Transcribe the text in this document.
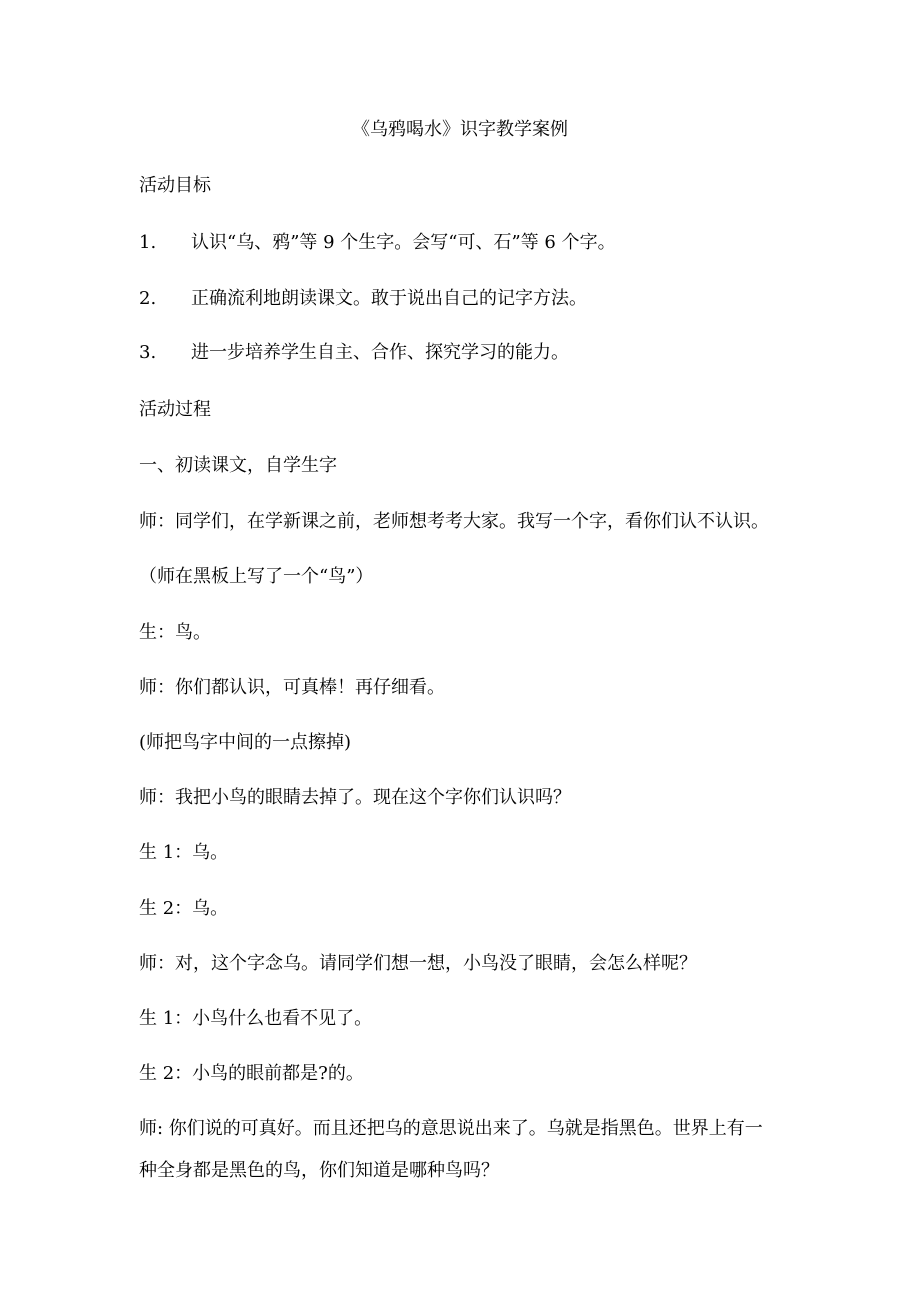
《乌鸦喝水》识字教学案例
活动目标
1. 认识“乌、鸦”等 9 个生字。会写“可、石”等 6 个字。
2. 正确流利地朗读课文。敢于说出自己的记字方法。
3. 进一步培养学生自主、合作、探究学习的能力。
活动过程
一、初读课文，自学生字
师：同学们，在学新课之前，老师想考考大家。我写一个字，看你们认不认识。
（师在黑板上写了一个“鸟”）
生：鸟。
师：你们都认识，可真棒！再仔细看。
(师把鸟字中间的一点擦掉)
师：我把小鸟的眼睛去掉了。现在这个字你们认识吗？
生 1：乌。
生 2：乌。
师：对，这个字念乌。请同学们想一想，小鸟没了眼睛，会怎么样呢？
生 1：小鸟什么也看不见了。
生 2：小鸟的眼前都是?的。
师: 你们说的可真好。而且还把乌的意思说出来了。乌就是指黑色。世界上有一
种全身都是黑色的鸟，你们知道是哪种鸟吗？
